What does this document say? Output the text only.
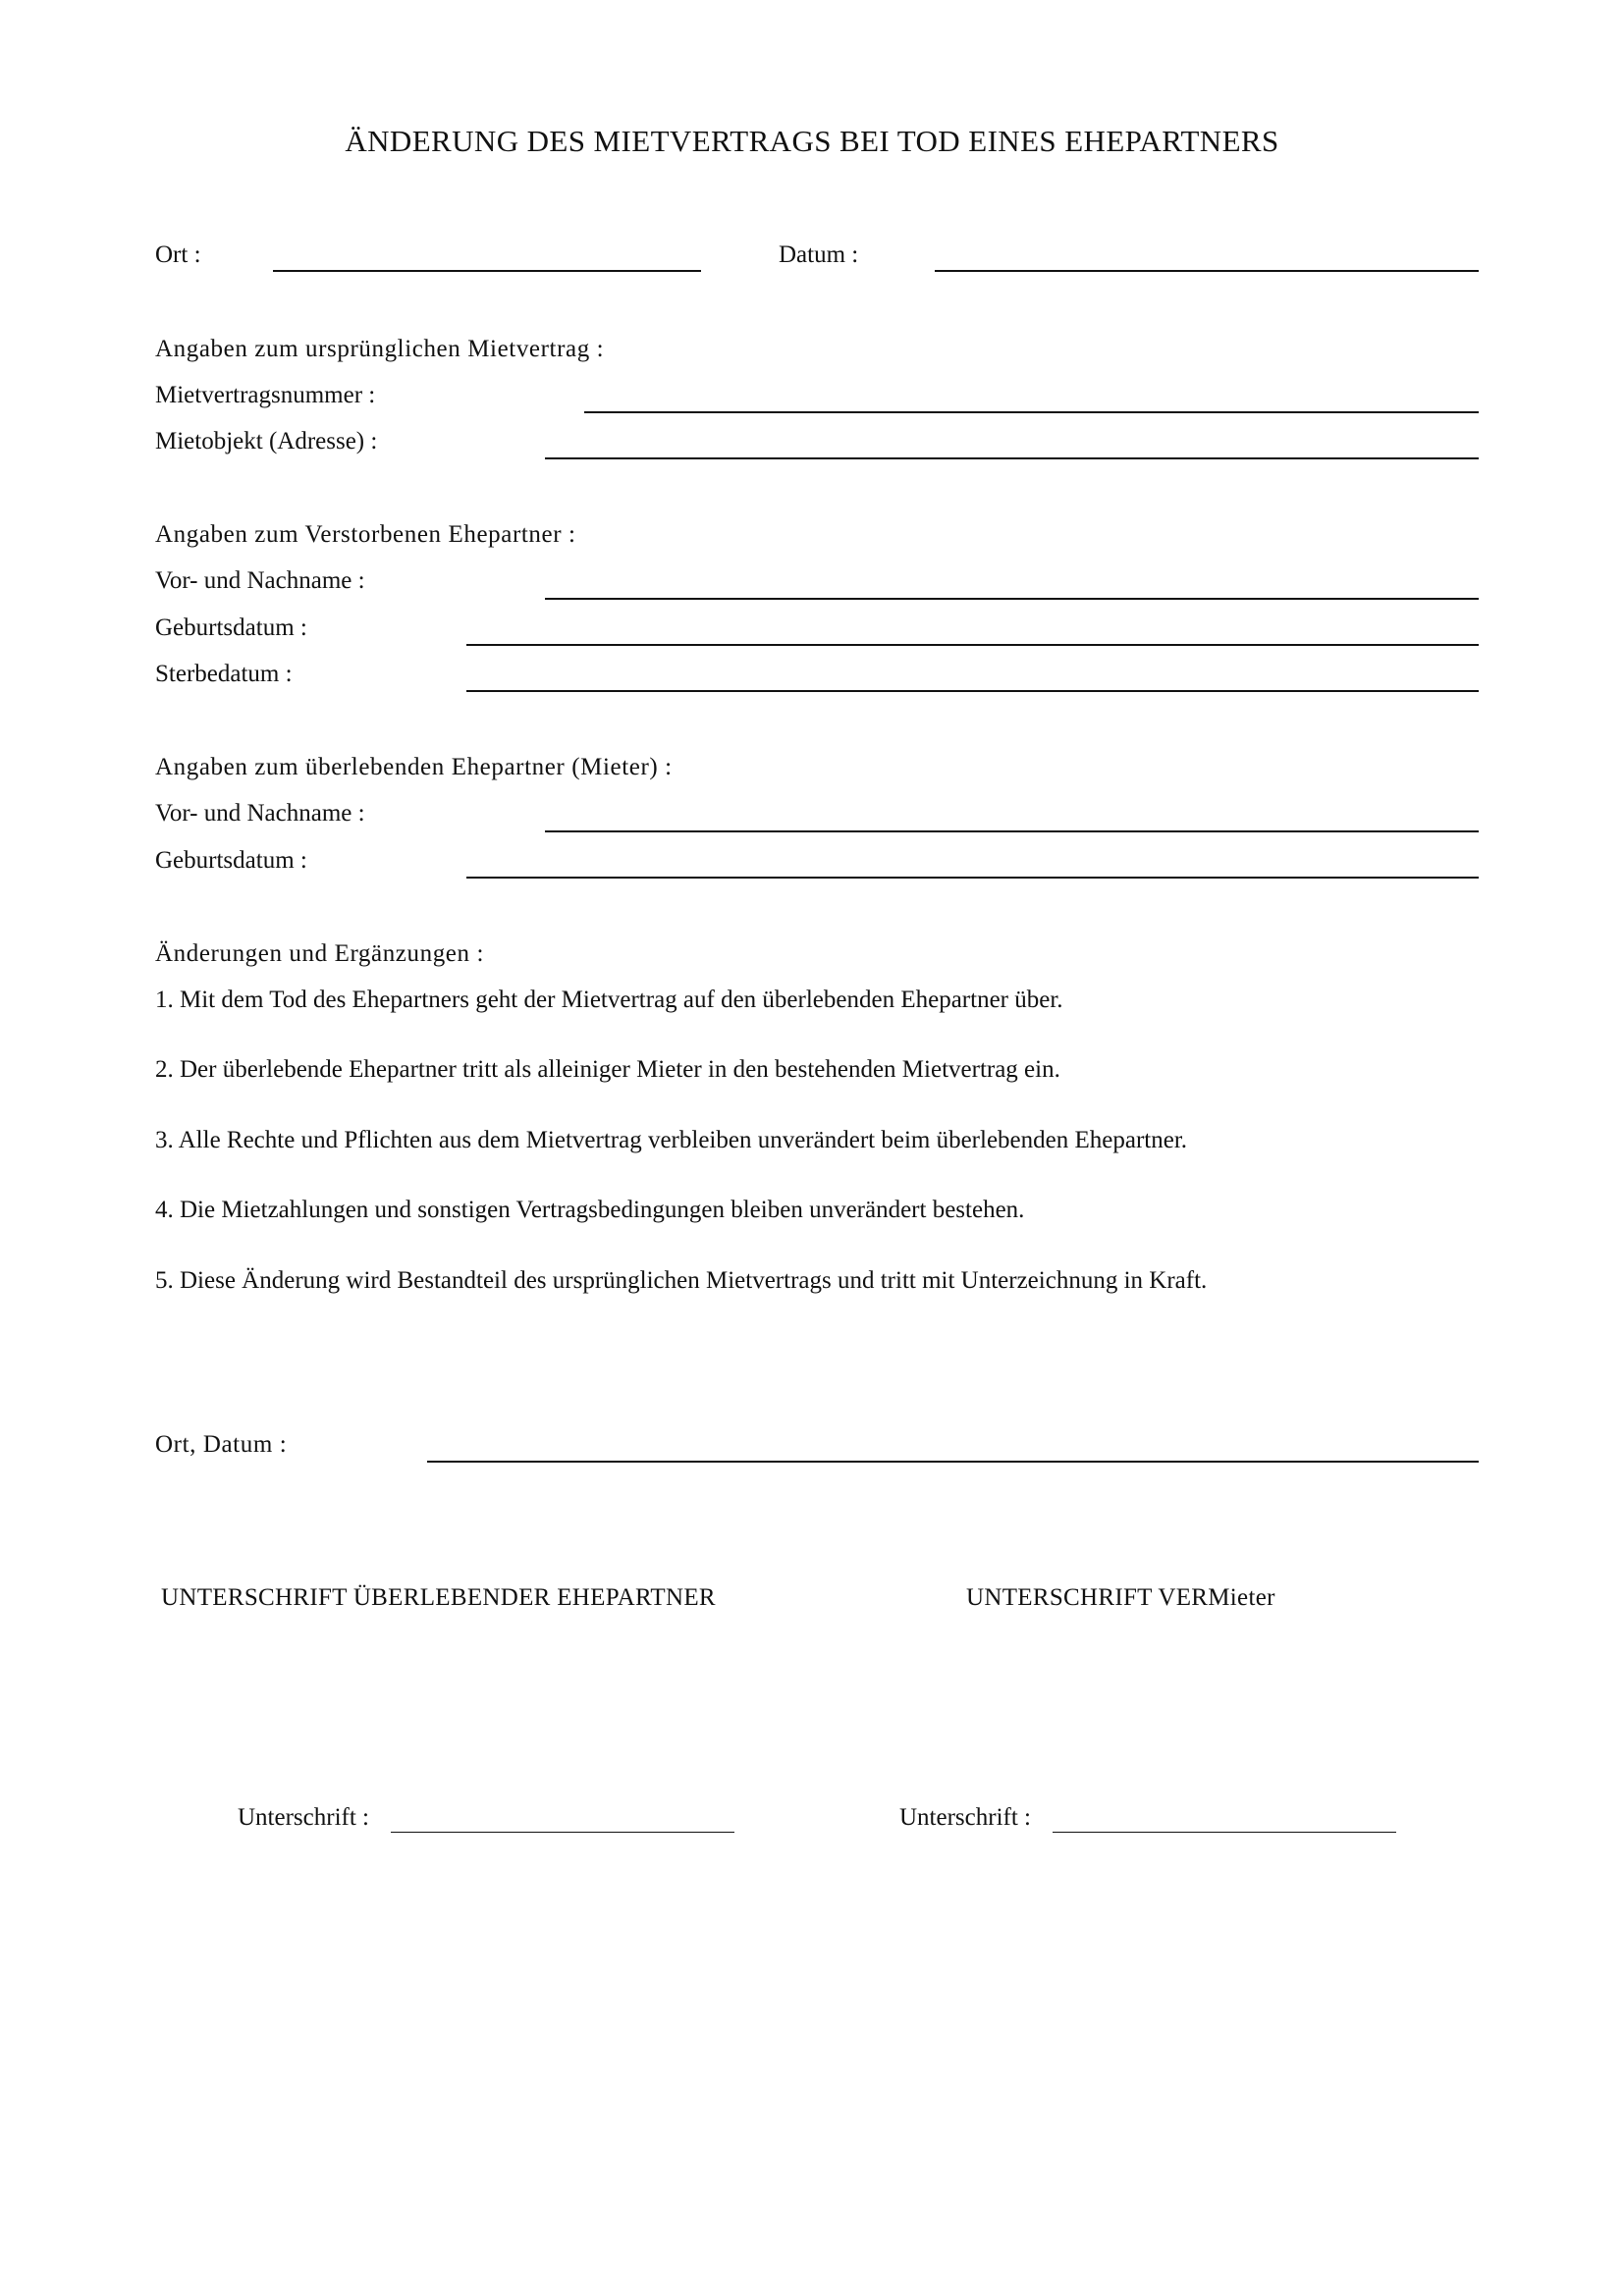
ÄNDERUNG DES MIETVERTRAGS BEI TOD EINES EHEPARTNERS
Ort :	Datum :
Angaben zum ursprünglichen Mietvertrag :
Mietvertragsnummer :
Mietobjekt (Adresse) :
Angaben zum Verstorbenen Ehepartner :
Vor- und Nachname :
Geburtsdatum :
Sterbedatum :
Angaben zum überlebenden Ehepartner (Mieter) :
Vor- und Nachname :
Geburtsdatum :
Änderungen und Ergänzungen :
1. Mit dem Tod des Ehepartners geht der Mietvertrag auf den überlebenden Ehepartner über.
2. Der überlebende Ehepartner tritt als alleiniger Mieter in den bestehenden Mietvertrag ein.
3. Alle Rechte und Pflichten aus dem Mietvertrag verbleiben unverändert beim überlebenden Ehepartner.
4. Die Mietzahlungen und sonstigen Vertragsbedingungen bleiben unverändert bestehen.
5. Diese Änderung wird Bestandteil des ursprünglichen Mietvertrags und tritt mit Unterzeichnung in Kraft.
Ort, Datum :
UNTERSCHRIFT ÜBERLEBENDER EHEPARTNER	UNTERSCHRIFT VERMieter
Unterschrift :	Unterschrift :
